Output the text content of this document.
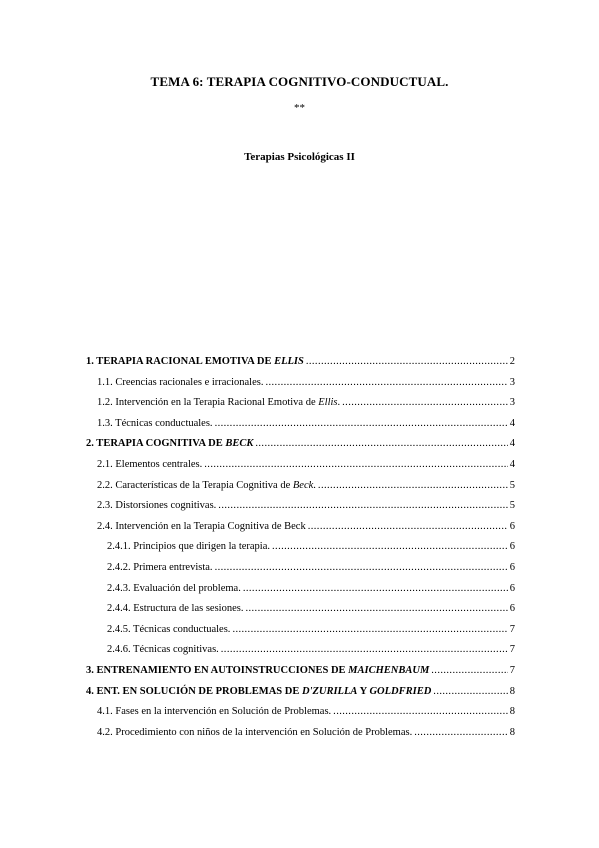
TEMA 6: TERAPIA COGNITIVO-CONDUCTUAL.
**
Terapias Psicológicas II
1. TERAPIA RACIONAL EMOTIVA DE ELLIS .....	2
1.1. Creencias racionales e irracionales. .....	3
1.2. Intervención en la Terapia Racional Emotiva de Ellis. .....	3
1.3. Técnicas conductuales. .....	4
2. TERAPIA COGNITIVA DE BECK .....	4
2.1. Elementos centrales. .....	4
2.2. Características de la Terapia Cognitiva de Beck. .....	5
2.3. Distorsiones cognitivas. .....	5
2.4. Intervención en la Terapia Cognitiva de Beck .....	6
2.4.1. Principios que dirigen la terapia. .....	6
2.4.2. Primera entrevista. .....	6
2.4.3. Evaluación del problema. .....	6
2.4.4. Estructura de las sesiones. .....	6
2.4.5. Técnicas conductuales. .....	7
2.4.6. Técnicas cognitivas. .....	7
3. ENTRENAMIENTO EN AUTOINSTRUCCIONES DE MAICHENBAUM .....	7
4. ENT. EN SOLUCIÓN DE PROBLEMAS DE D'ZURILLA Y GOLDFRIED .....	8
4.1. Fases en la intervención en Solución de Problemas. .....	8
4.2. Procedimiento con niños de la intervención en Solución de Problemas. .....	8
